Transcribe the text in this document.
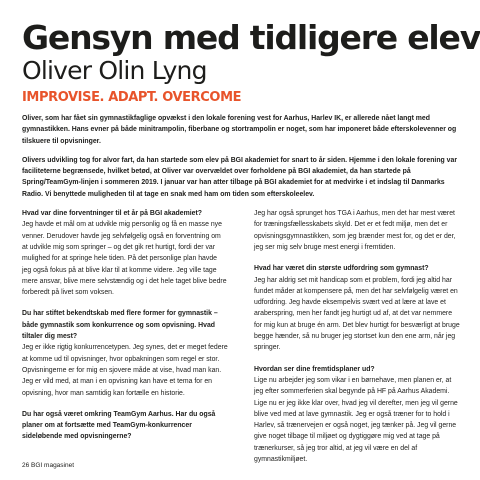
Gensyn med tidligere elev
Oliver Olin Lyng
IMPROVISE. ADAPT. OVERCOME

Oliver, som har fået sin gymnastikfaglige opvækst i den lokale forening vest for Aarhus, Harlev IK, er allerede nået langt med gymnastikken. Hans evner på både minitrampolin, fiberbane og stortrampolin er noget, som har imponeret både efterskolevenner og tilskuere til opvisninger.

Olivers udvikling tog for alvor fart, da han startede som elev på BGI akademiet for snart to år siden. Hjemme i den lokale forening var faciliteterne begrænsede, hvilket betød, at Oliver var overvældet over forholdene på BGI akademiet, da han startede på Spring/TeamGym-linjen i sommeren 2019. I januar var han atter tilbage på BGI akademiet for at medvirke i et indslag til Danmarks Radio. Vi benyttede muligheden til at tage en snak med ham om tiden som efterskoleelev.

Hvad var dine forventninger til et år på BGI akademiet?
Jeg havde et mål om at udvikle mig personlig og få en masse nye venner. Derudover havde jeg selvfølgelig også en forventning om at udvikle mig som springer – og det gik ret hurtigt, fordi der var mulighed for at springe hele tiden. På det personlige plan havde jeg også fokus på at blive klar til at komme videre. Jeg ville tage mere ansvar, blive mere selvstændig og i det hele taget blive bedre forberedt på livet som voksen.

Du har stiftet bekendtskab med flere former for gymnastik – både gymnastik som konkurrence og som opvisning. Hvad tiltaler dig mest?
Jeg er ikke rigtig konkurrencetypen. Jeg synes, det er meget federe at komme ud til opvisninger, hvor opbakningen som regel er stor. Opvisningerne er for mig en sjovere måde at vise, hvad man kan. Jeg er vild med, at man i en opvisning kan have et tema for en opvisning, hvor man samtidig kan fortælle en historie.

Du har også været omkring TeamGym Aarhus. Har du også planer om at fortsætte med TeamGym-konkurrencer sideløbende med opvisningerne?

Jeg har også sprunget hos TGA i Aarhus, men det har mest været for træningsfællesskabets skyld. Det er et fedt miljø, men det er opvisningsgymnastikken, som jeg brænder mest for, og det er der, jeg ser mig selv bruge mest energi i fremtiden.

Hvad har været din største udfordring som gymnast?
Jeg har aldrig set mit handicap som et problem, fordi jeg altid har fundet måder at kompensere på, men det har selvfølgelig været en udfordring. Jeg havde eksempelvis svært ved at lære at lave et araberspring, men her fandt jeg hurtigt ud af, at det var nemmere for mig kun at bruge én arm. Det blev hurtigt for besværligt at bruge begge hænder, så nu bruger jeg stortset kun den ene arm, når jeg springer.

Hvordan ser dine fremtidsplaner ud?
Lige nu arbejder jeg som vikar i en børnehave, men planen er, at jeg efter sommerferien skal begynde på HF på Aarhus Akademi. Lige nu er jeg ikke klar over, hvad jeg vil derefter, men jeg vil gerne blive ved med at lave gymnastik. Jeg er også træner for to hold i Harlev, så trænervejen er også noget, jeg tænker på. Jeg vil gerne give noget tilbage til miljøet og dygtiggøre mig ved at tage på trænerkurser, så jeg tror altid, at jeg vil være en del af gymnastikmiljøet.

26 BGI magasinet
